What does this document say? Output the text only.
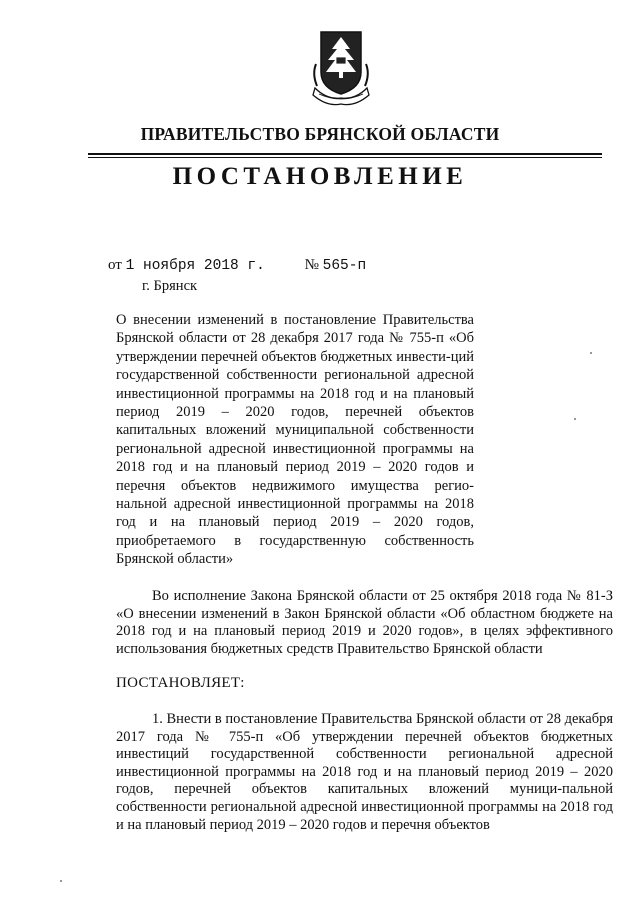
ПРАВИТЕЛЬСТВО БРЯНСКОЙ ОБЛАСТИ
ПОСТАНОВЛЕНИЕ
от 1 ноября 2018 г.	№ 565-п
г. Брянск
О внесении изменений в постановление Правительства Брянской области от 28 декабря 2017 года № 755-п «Об утверждении перечней объектов бюджетных инвести-ций государственной собственности региональной адресной инвестиционной программы на 2018 год и на плановый период 2019 – 2020 годов, перечней объектов капитальных вложений муниципальной собственности региональной адресной инвестиционной программы на 2018 год и на плановый период 2019 – 2020 годов и перечня объектов недвижимого имущества регио-нальной адресной инвестиционной программы на 2018 год и на плановый период 2019 – 2020 годов, приобретаемого в государственную собственность Брянской области»
Во исполнение Закона Брянской области от 25 октября 2018 года № 81-З «О внесении изменений в Закон Брянской области «Об областном бюджете на 2018 год и на плановый период 2019 и 2020 годов», в целях эффективного использования бюджетных средств Правительство Брянской области
ПОСТАНОВЛЯЕТ:
1. Внести в постановление Правительства Брянской области от 28 декабря 2017 года № 755-п «Об утверждении перечней объектов бюджетных инвестиций государственной собственности региональной адресной инвестиционной программы на 2018 год и на плановый период 2019 – 2020 годов, перечней объектов капитальных вложений муници-пальной собственности региональной адресной инвестиционной программы на 2018 год и на плановый период 2019 – 2020 годов и перечня объектов
